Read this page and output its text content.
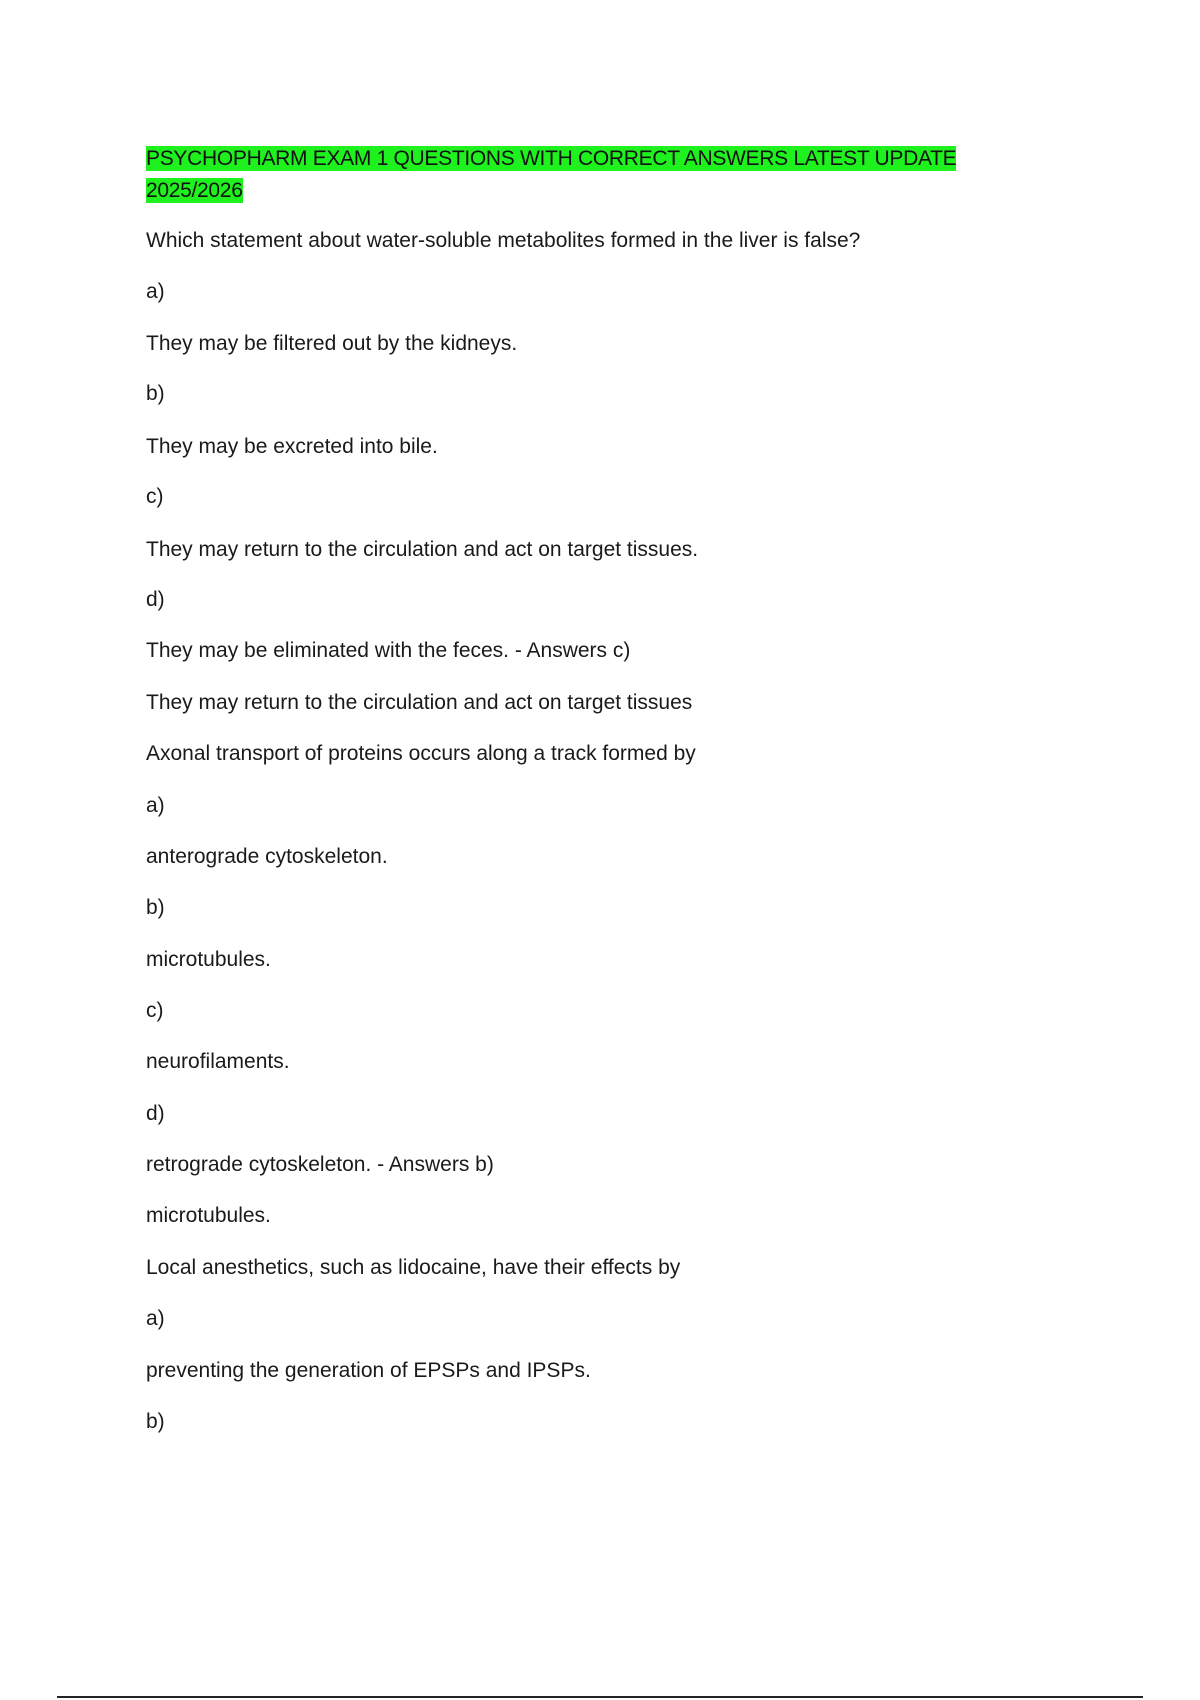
PSYCHOPHARM EXAM 1 QUESTIONS WITH CORRECT ANSWERS LATEST UPDATE 2025/2026
Which statement about water-soluble metabolites formed in the liver is false?
a)
They may be filtered out by the kidneys.
b)
They may be excreted into bile.
c)
They may return to the circulation and act on target tissues.
d)
They may be eliminated with the feces. - Answers c)
They may return to the circulation and act on target tissues
Axonal transport of proteins occurs along a track formed by
a)
anterograde cytoskeleton.
b)
microtubules.
c)
neurofilaments.
d)
retrograde cytoskeleton. - Answers b)
microtubules.
Local anesthetics, such as lidocaine, have their effects by
a)
preventing the generation of EPSPs and IPSPs.
b)
